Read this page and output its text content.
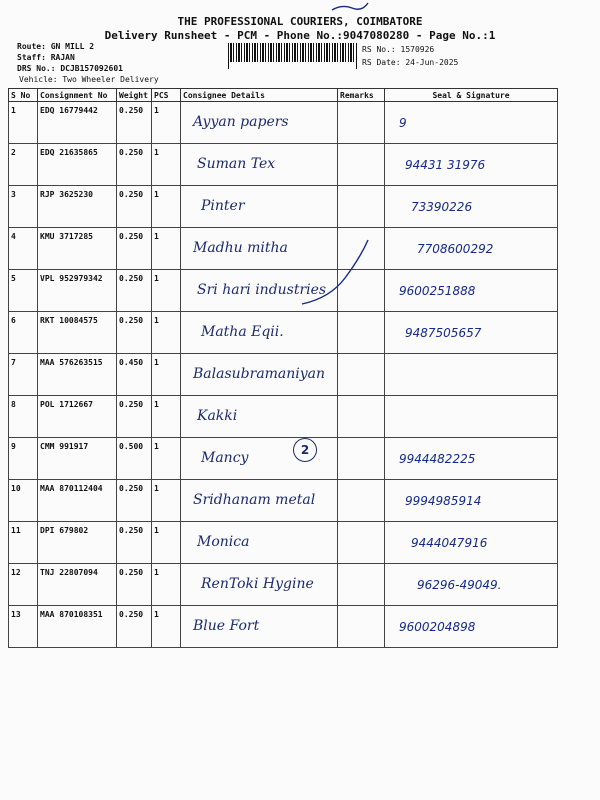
THE PROFESSIONAL COURIERS, COIMBATORE
Delivery Runsheet - PCM - Phone No.:9047080280 - Page No.:1
Route: GN MILL 2
Staff: RAJAN
DRS No.: DCJB157092601
Vehicle: Two Wheeler Delivery
RS No.: 1570926
RS Date: 24-Jun-2025
S No	Consignment No	Weight	PCS	Consignee Details	Remarks	Seal & Signature
1	EDQ 16779442	0.250	1	Ayyan papers		9

2	EDQ 21635865	0.250	1	Suman Tex		94431 31976

3	RJP 3625230	0.250	1	Pinter		73390226

4	KMU 3717285	0.250	1	Madhu mitha		7708600292

5	VPL 952979342	0.250	1	Sri hari industries		9600251888

6	RKT 10084575	0.250	1	Matha Eqii.		9487505657

7	MAA 576263515	0.450	1	Balasubramaniyan		

8	POL 1712667	0.250	1	Kakki		

9	CMM 991917	0.500	1	Mancy 2		9944482225

10	MAA 870112404	0.250	1	Sridhanam metal		9994985914

11	DPI 679802	0.250	1	Monica		9444047916

12	TNJ 22807094	0.250	1	RenToki Hygine		96296-49049.

13	MAA 870108351	0.250	1	Blue Fort		9600204898
